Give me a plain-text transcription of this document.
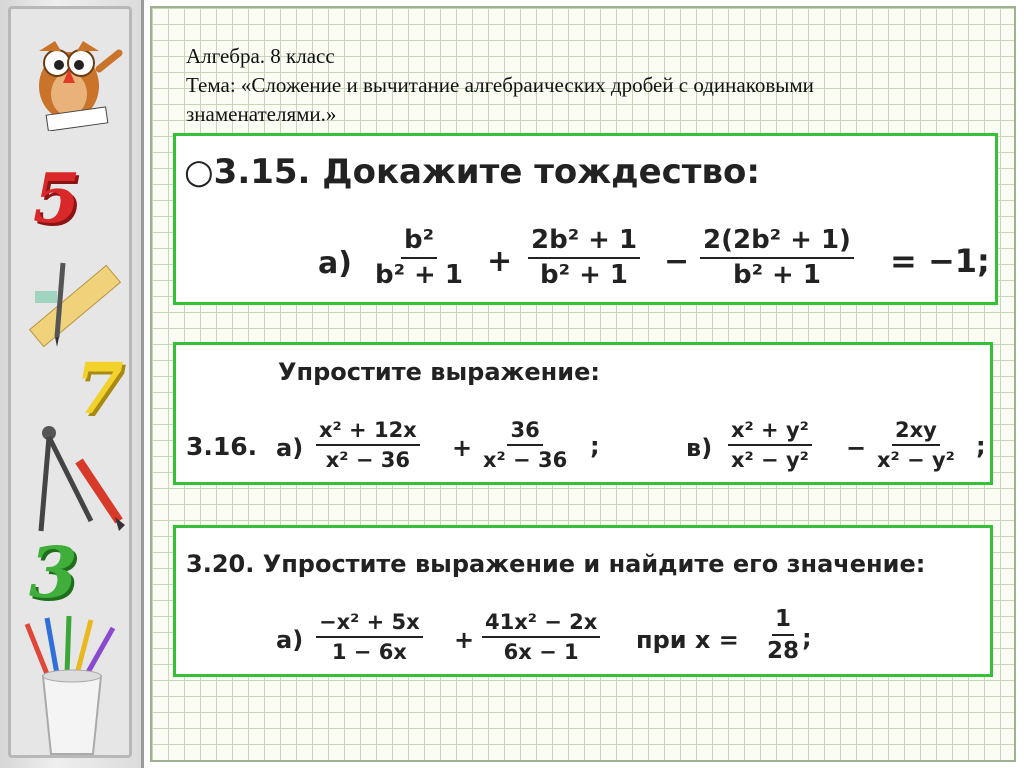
5
7
3
Алгебра. 8 класс
Тема: «Сложение и вычитание алгебраических дробей с одинаковыми
знаменателями.»
○3.15. Докажите тождество:
$а) \frac{\text{b²}}{\text{b² + 1}} + \frac{\text{2b² + 1}}{\text{b² + 1}} - \frac{\text{2(2b² + 1)}}{\text{b² + 1}} = -1$;
Упростите выражение:
3.16. $а) \frac{\text{x² + 12x}}{\text{x² − 36}} + \frac{36}{\text{x² − 36}}$ ;	$в) \frac{\text{x² + y²}}{\text{x² − y²}} - \frac{2xy}{\text{x² − y²}}$ ;
3.20. Упростите выражение и найдите его значение:
$а) \frac{\text{−x² + 5x}}{1 - 6x} + \frac{\text{41x² − 2x}}{6x - 1}$ при $x = \frac{1}{28}$ ;
